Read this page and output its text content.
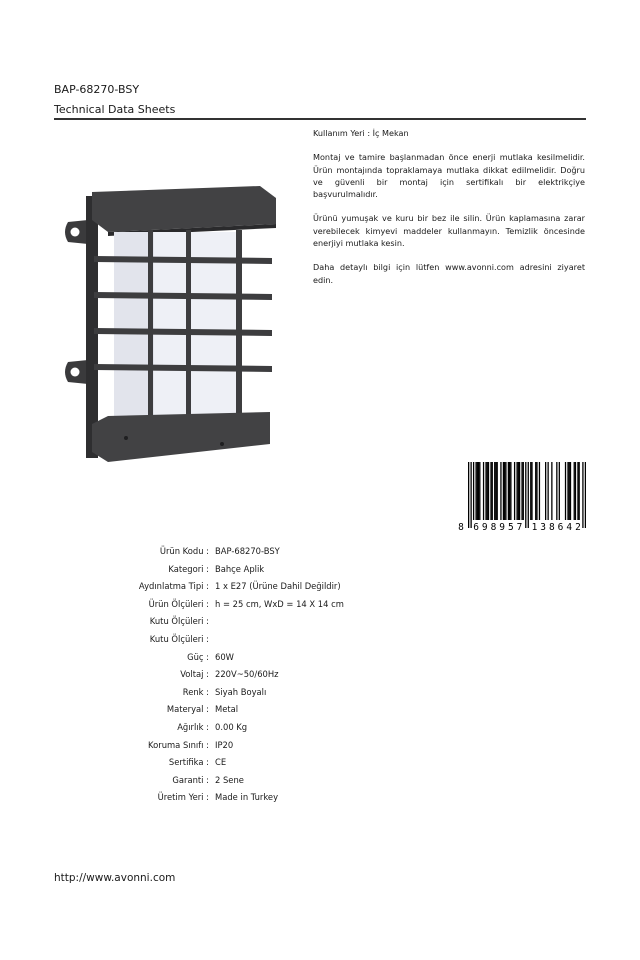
BAP-68270-BSY

Technical Data Sheets

Kullanım Yeri : İç Mekan

Montaj ve tamire başlanmadan önce enerji mutlaka kesilmelidir. Ürün montajında topraklamaya mutlaka dikkat edilmelidir. Doğru ve güvenli bir montaj için sertifikalı bir elektrikçiye başvurulmalıdır.

Ürünü yumuşak ve kuru bir bez ile silin. Ürün kaplamasına zarar verebilecek kimyevi maddeler kullanmayın. Temizlik öncesinde enerjiyi mutlaka kesin.

Daha detaylı bilgi için lütfen www.avonni.com adresini ziyaret edin.

8 6 9 8 9 5 7 1 3 8 6 4 2
Ürün Kodu : BAP-68270-BSY
Kategori : Bahçe Aplik
Aydınlatma Tipi : 1 x E27 (Ürüne Dahil Değildir)
Ürün Ölçüleri : h = 25 cm, WxD = 14 X 14 cm
Kutu Ölçüleri :
Kutu Ölçüleri :
Güç : 60W
Voltaj : 220V~50/60Hz
Renk : Siyah Boyalı
Materyal : Metal
Ağırlık : 0.00 Kg
Koruma Sınıfı : IP20
Sertifika : CE
Garanti : 2 Sene
Üretim Yeri : Made in Turkey
http://www.avonni.com
